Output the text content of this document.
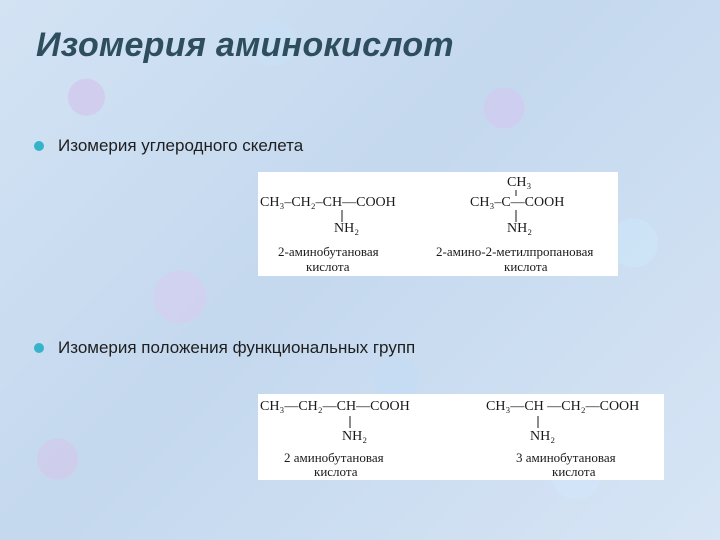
Изомерия аминокислот
Изомерия углеродного скелета
CH₃–CH₂–CH—COOH
NH₂
2-аминобутановая
кислота
CH₃
CH₃–C—COOH
NH₂
2-амино-2-метилпропановая
кислота
Изомерия положения функциональных групп
CH₃—CH₂—CH—COOH
NH₂
2 аминобутановая
кислота
CH₃—CH —CH₂—COOH
NH₂
3 аминобутановая
кислота
